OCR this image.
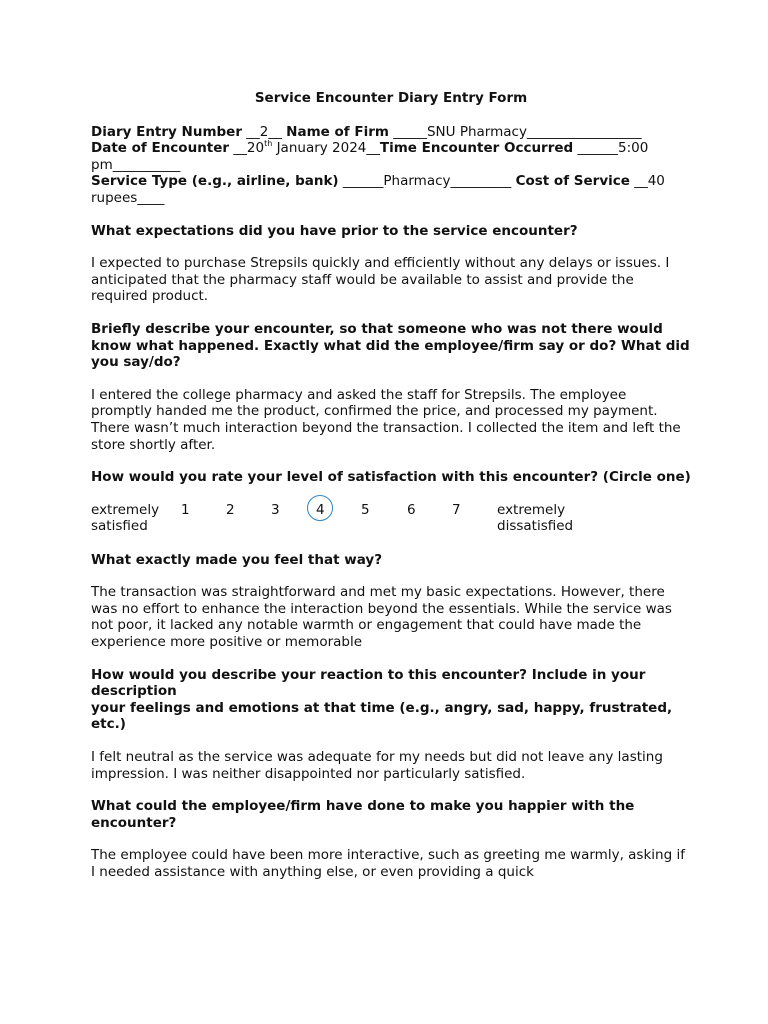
Service Encounter Diary Entry Form

Diary Entry Number __2__ Name of Firm _____SNU Pharmacy_________________

Date of Encounter __20th January 2024__Time Encounter Occurred ______5:00 pm__________

Service Type (e.g., airline, bank) ______Pharmacy_________ Cost of Service __40 rupees____

What expectations did you have prior to the service encounter?

I expected to purchase Strepsils quickly and efficiently without any delays or issues. I anticipated that the pharmacy staff would be available to assist and provide the required product.

Briefly describe your encounter, so that someone who was not there would know what happened. Exactly what did the employee/firm say or do? What did you say/do?

I entered the college pharmacy and asked the staff for Strepsils. The employee promptly handed me the product, confirmed the price, and processed my payment. There wasn’t much interaction beyond the transaction. I collected the item and left the store shortly after.

How would you rate your level of satisfaction with this encounter? (Circle one)

extremely
satisfied
1	2	3	4	5	6	7	extremely
dissatisfied

What exactly made you feel that way?

The transaction was straightforward and met my basic expectations. However, there was no effort to enhance the interaction beyond the essentials. While the service was not poor, it lacked any notable warmth or engagement that could have made the experience more positive or memorable

How would you describe your reaction to this encounter? Include in your description
your feelings and emotions at that time (e.g., angry, sad, happy, frustrated, etc.)

I felt neutral as the service was adequate for my needs but did not leave any lasting impression. I was neither disappointed nor particularly satisfied.

What could the employee/firm have done to make you happier with the encounter?

The employee could have been more interactive, such as greeting me warmly, asking if I needed assistance with anything else, or even providing a quick
